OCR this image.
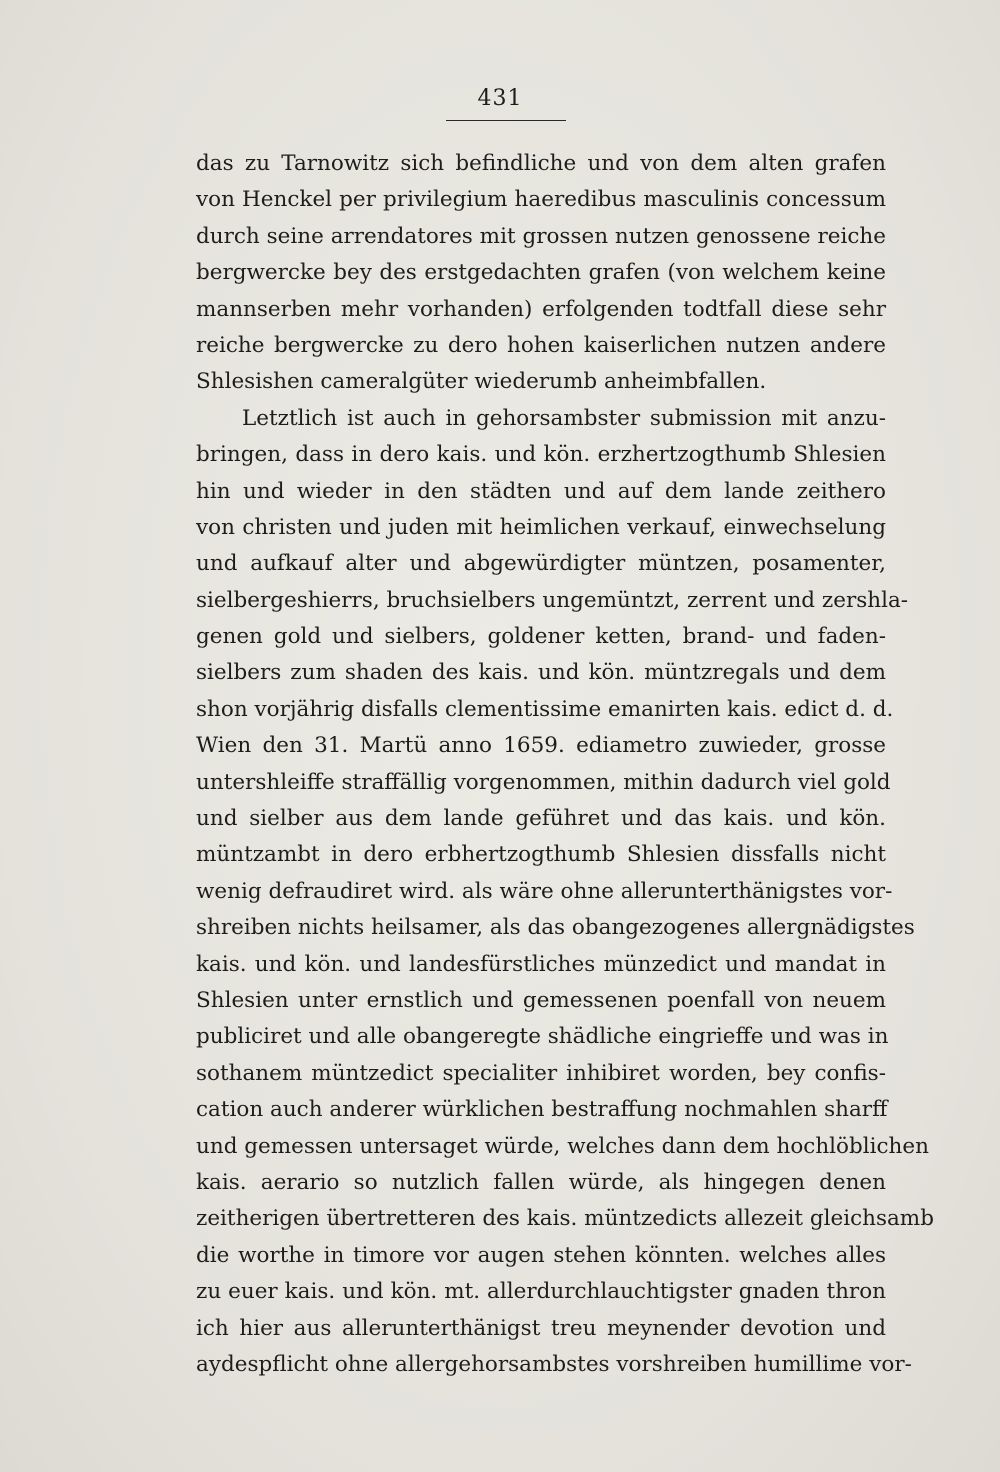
431
das zu Tarnowitz sich befindliche und von dem alten grafen
von Henckel per privilegium haeredibus masculinis concessum
durch seine arrendatores mit grossen nutzen genossene reiche
bergwercke bey des erstgedachten grafen (von welchem keine
mannserben mehr vorhanden) erfolgenden todtfall diese sehr
reiche bergwercke zu dero hohen kaiserlichen nutzen andere
Shlesishen cameralgüter wiederumb anheimbfallen.
Letztlich ist auch in gehorsambster submission mit anzu-
bringen, dass in dero kais. und kön. erzhertzogthumb Shlesien
hin und wieder in den städten und auf dem lande zeithero
von christen und juden mit heimlichen verkauf, einwechselung
und aufkauf alter und abgewürdigter müntzen, posamenter,
sielbergeshierrs, bruchsielbers ungemüntzt, zerrent und zershla-
genen gold und sielbers, goldener ketten, brand- und faden-
sielbers zum shaden des kais. und kön. müntzregals und dem
shon vorjährig disfalls clementissime emanirten kais. edict d. d.
Wien den 31. Martü anno 1659. ediametro zuwieder, grosse
untershleiffe straffällig vorgenommen, mithin dadurch viel gold
und sielber aus dem lande geführet und das kais. und kön.
müntzambt in dero erbhertzogthumb Shlesien dissfalls nicht
wenig defraudiret wird. als wäre ohne allerunterthänigstes vor-
shreiben nichts heilsamer, als das obangezogenes allergnädigstes
kais. und kön. und landesfürstliches münzedict und mandat in
Shlesien unter ernstlich und gemessenen poenfall von neuem
publiciret und alle obangeregte shädliche eingrieffe und was in
sothanem müntzedict specialiter inhibiret worden, bey confis-
cation auch anderer würklichen bestraffung nochmahlen sharff
und gemessen untersaget würde, welches dann dem hochlöblichen
kais. aerario so nutzlich fallen würde, als hingegen denen
zeitherigen übertretteren des kais. müntzedicts allezeit gleichsamb
die worthe in timore vor augen stehen könnten. welches alles
zu euer kais. und kön. mt. allerdurchlauchtigster gnaden thron
ich hier aus allerunterthänigst treu meynender devotion und
aydespflicht ohne allergehorsambstes vorshreiben humillime vor-
